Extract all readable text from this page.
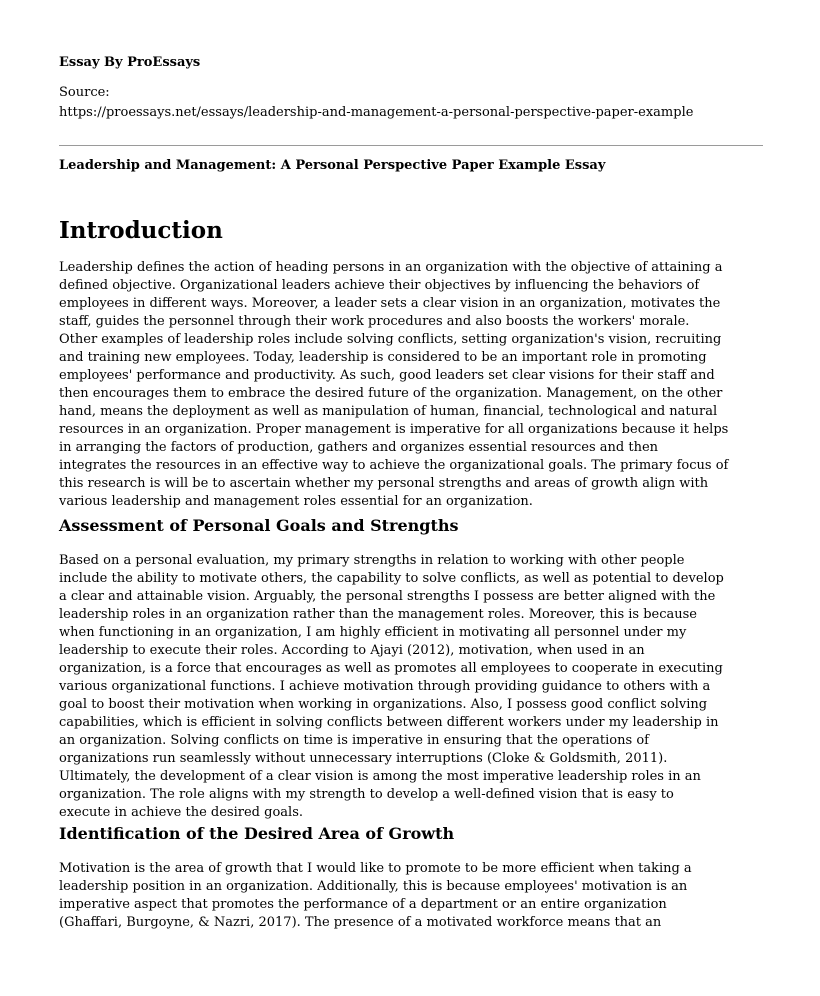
Essay By ProEssays

Source:

https://proessays.net/essays/leadership-and-management-a-personal-perspective-paper-example

Leadership and Management: A Personal Perspective Paper Example Essay

Introduction
Leadership defines the action of heading persons in an organization with the objective of attaining a
defined objective. Organizational leaders achieve their objectives by influencing the behaviors of
employees in different ways. Moreover, a leader sets a clear vision in an organization, motivates the
staff, guides the personnel through their work procedures and also boosts the workers' morale.
Other examples of leadership roles include solving conflicts, setting organization's vision, recruiting
and training new employees. Today, leadership is considered to be an important role in promoting
employees' performance and productivity. As such, good leaders set clear visions for their staff and
then encourages them to embrace the desired future of the organization. Management, on the other
hand, means the deployment as well as manipulation of human, financial, technological and natural
resources in an organization. Proper management is imperative for all organizations because it helps
in arranging the factors of production, gathers and organizes essential resources and then
integrates the resources in an effective way to achieve the organizational goals. The primary focus of
this research is will be to ascertain whether my personal strengths and areas of growth align with
various leadership and management roles essential for an organization.
Assessment of Personal Goals and Strengths
Based on a personal evaluation, my primary strengths in relation to working with other people
include the ability to motivate others, the capability to solve conflicts, as well as potential to develop
a clear and attainable vision. Arguably, the personal strengths I possess are better aligned with the
leadership roles in an organization rather than the management roles. Moreover, this is because
when functioning in an organization, I am highly efficient in motivating all personnel under my
leadership to execute their roles. According to Ajayi (2012), motivation, when used in an
organization, is a force that encourages as well as promotes all employees to cooperate in executing
various organizational functions. I achieve motivation through providing guidance to others with a
goal to boost their motivation when working in organizations. Also, I possess good conflict solving
capabilities, which is efficient in solving conflicts between different workers under my leadership in
an organization. Solving conflicts on time is imperative in ensuring that the operations of
organizations run seamlessly without unnecessary interruptions (Cloke & Goldsmith, 2011).
Ultimately, the development of a clear vision is among the most imperative leadership roles in an
organization. The role aligns with my strength to develop a well-defined vision that is easy to
execute in achieve the desired goals.
Identification of the Desired Area of Growth
Motivation is the area of growth that I would like to promote to be more efficient when taking a
leadership position in an organization. Additionally, this is because employees' motivation is an
imperative aspect that promotes the performance of a department or an entire organization
(Ghaffari, Burgoyne, & Nazri, 2017). The presence of a motivated workforce means that an
